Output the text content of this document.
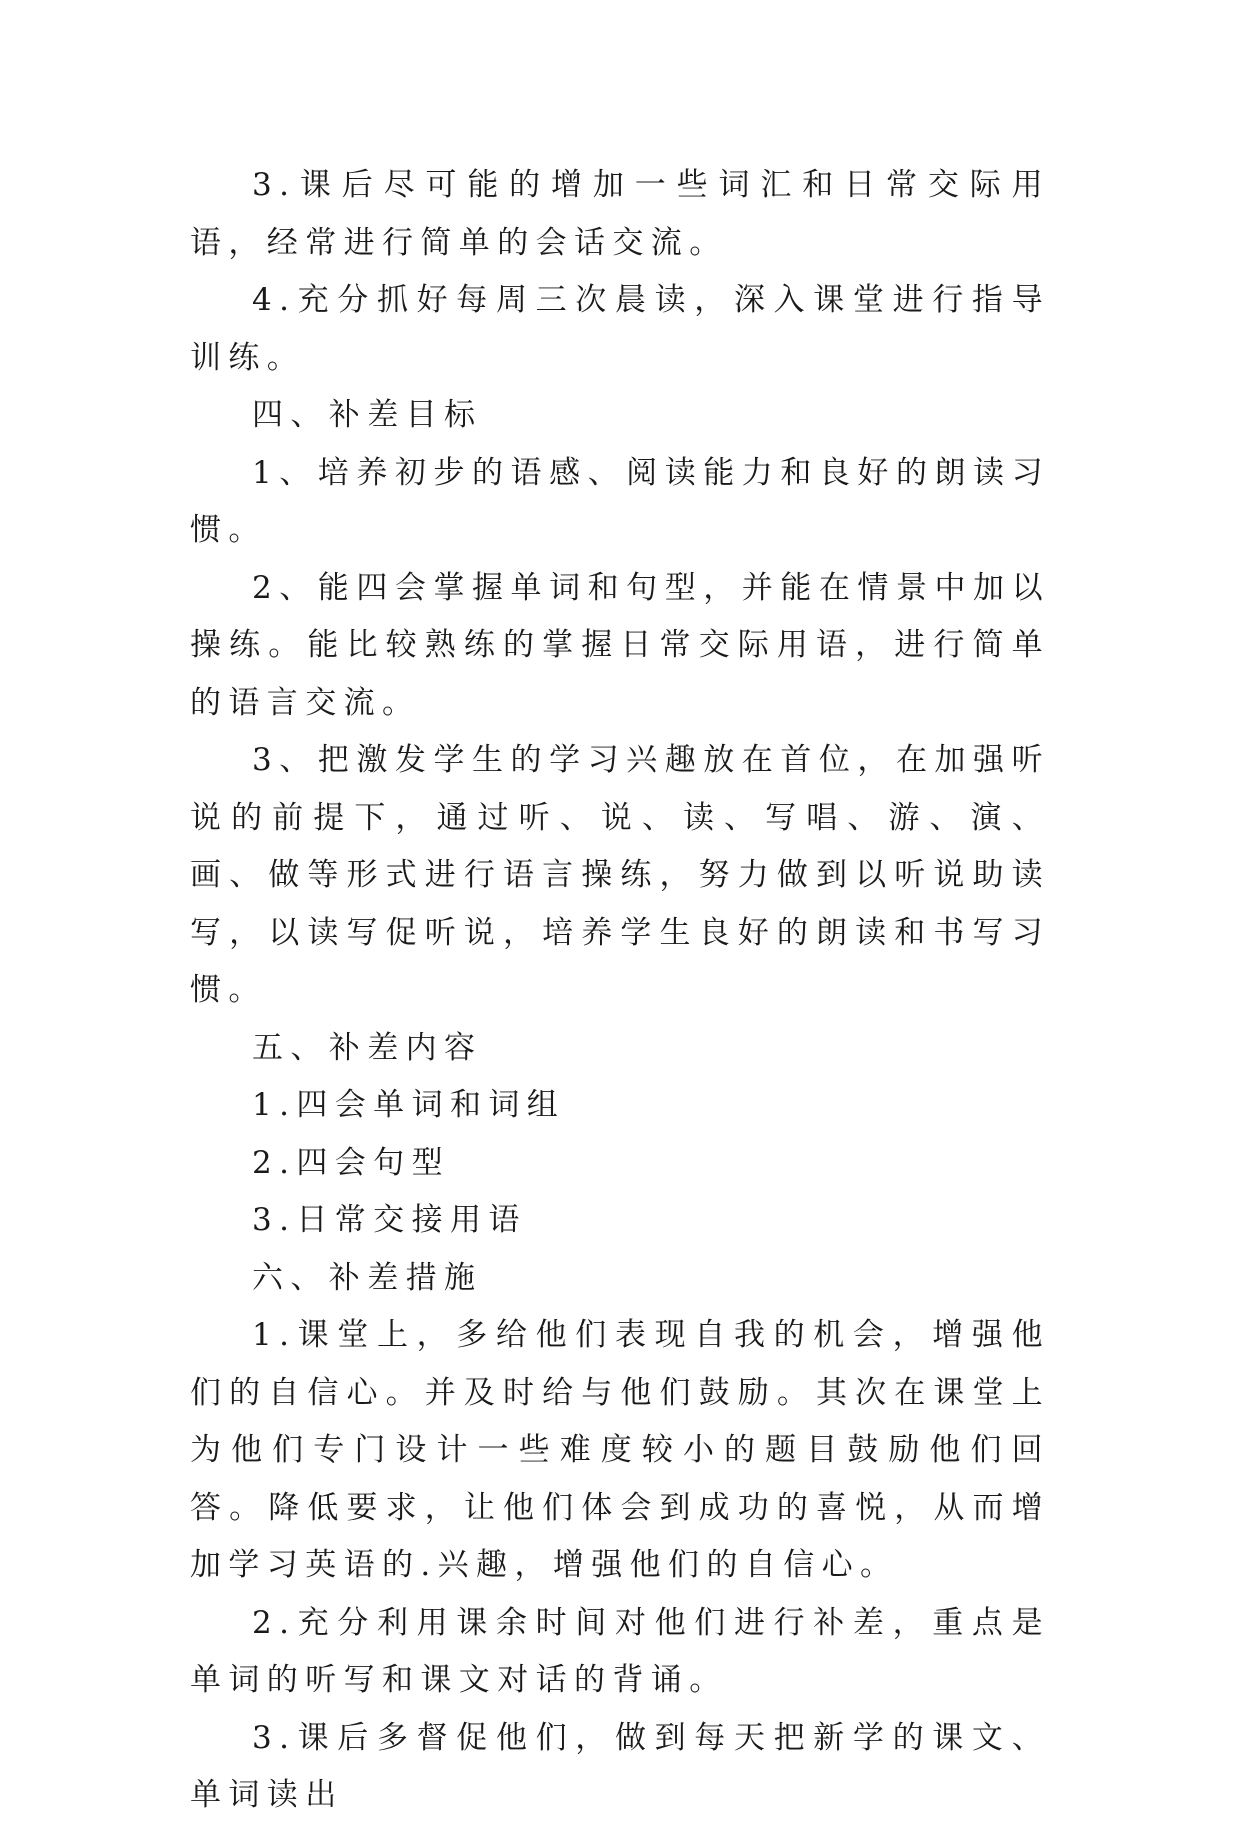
3.课后尽可能的增加一些词汇和日常交际用语，经常进行简单的会话交流。

4.充分抓好每周三次晨读，深入课堂进行指导训练。

四、补差目标

1、培养初步的语感、阅读能力和良好的朗读习惯。

2、能四会掌握单词和句型，并能在情景中加以操练。能比较熟练的掌握日常交际用语，进行简单的语言交流。

3、把激发学生的学习兴趣放在首位，在加强听说的前提下，通过听、说、读、写唱、游、演、画、做等形式进行语言操练，努力做到以听说助读写，以读写促听说，培养学生良好的朗读和书写习惯。

五、补差内容

1.四会单词和词组

2.四会句型

3.日常交接用语

六、补差措施

1.课堂上，多给他们表现自我的机会，增强他们的自信心。并及时给与他们鼓励。其次在课堂上为他们专门设计一些难度较小的题目鼓励他们回答。降低要求，让他们体会到成功的喜悦，从而增加学习英语的.兴趣，增强他们的自信心。

2.充分利用课余时间对他们进行补差，重点是单词的听写和课文对话的背诵。

3.课后多督促他们，做到每天把新学的课文、单词读出
